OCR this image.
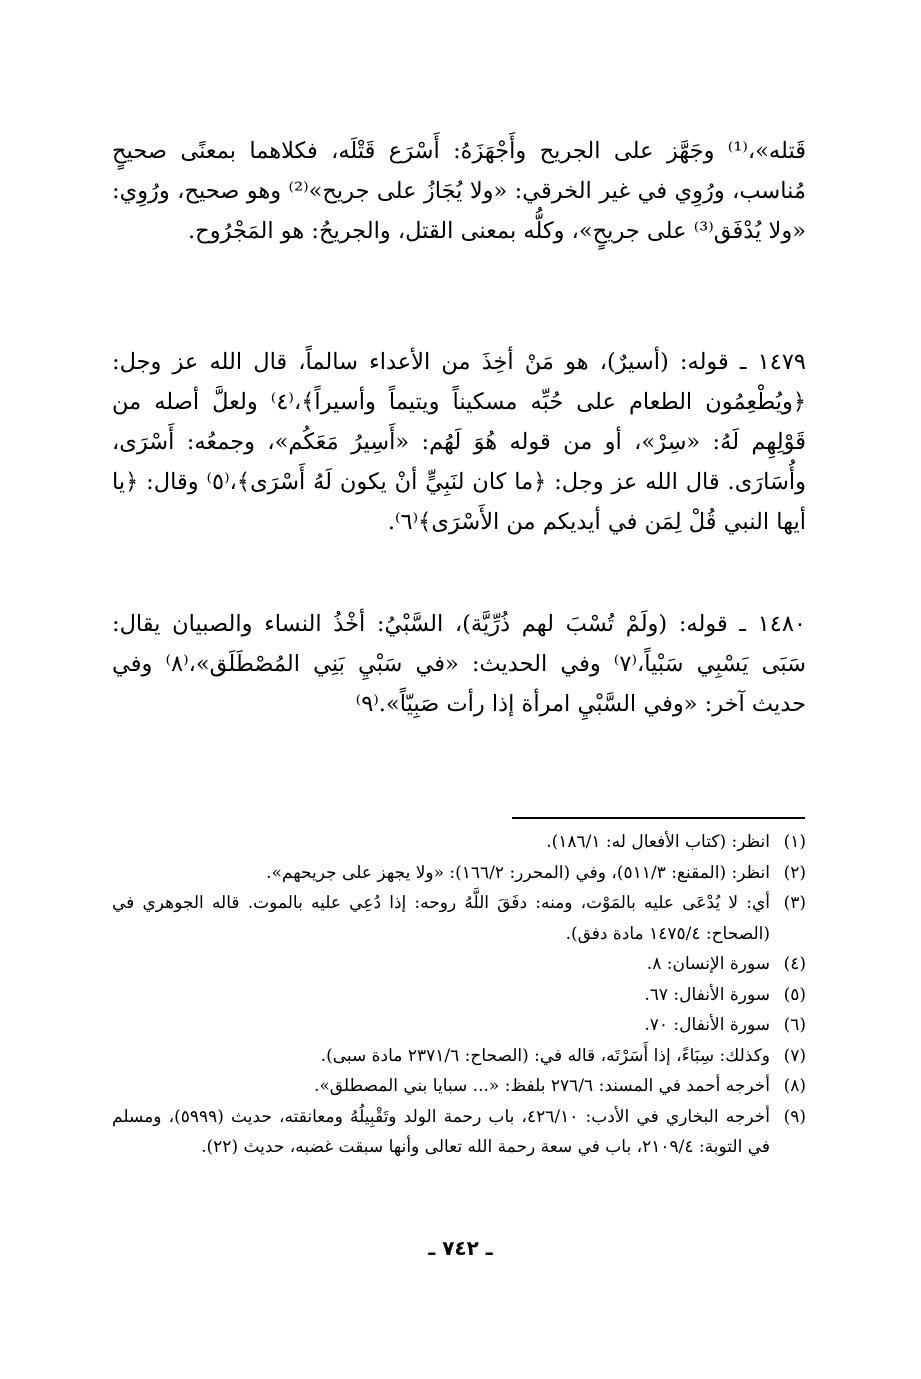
قَتله»،⁽¹⁾ وجَهَّز على الجريح وأَجْهَزَهُ: أَسْرَع قَتْلَه، فكلاهما بمعنًى صحيحٍ مُناسب، ورُوِي في غير الخرقي: «ولا يُجَازُ على جريح»⁽²⁾ وهو صحيح، ورُوِي: «ولا يُدْفَق⁽³⁾ على جريحٍ»، وكلُّه بمعنى القتل، والجريحُ: هو المَجْرُوح.

١٤٧٩ ـ قوله: (أسيرٌ)، هو مَنْ أخِذَ من الأعداء سالماً، قال الله عز وجل: ﴿ويُطْعِمُون الطعام على حُبِّه مسكيناً ويتيماً وأسيراً﴾،⁽٤⁾ ولعلَّ أصله من قَوْلِهِم لَهُ: «سِرْ»، أو من قوله هُوَ لَهُم: «أَسِيرُ مَعَكُم»، وجمعُه: أَسْرَى، وأُسَارَى. قال الله عز وجل: ﴿ما كان لنَبِيٍّ أنْ يكون لَهُ أَسْرَى﴾،⁽٥⁾ وقال: ﴿يا أيها النبي قُلْ لِمَن في أيديكم من الأَسْرَى﴾⁽٦⁾.

١٤٨٠ ـ قوله: (ولَمْ تُسْبَ لهم ذُرِّيَّة)، السَّبْيُ: أخْذُ النساء والصبيان يقال: سَبَى يَسْبِي سَبْياً،⁽٧⁾ وفي الحديث: «في سَبْيِ بَنِي المُصْطَلَق»،⁽٨⁾ وفي حديث آخر: «وفي السَّبْيِ امرأة إذا رأت صَبِيّاً».⁽٩⁾

(١)
انظر: (كتاب الأفعال له: ١٨٦/١).
(٢)
انظر: (المقنع: ٥١١/٣)، وفي (المحرر: ١٦٦/٢): «ولا يجهز على جريحهم».
(٣)
أي: لا يُدْعَى عليه بالمَوْت، ومنه: دفَقَ اللَّهُ روحه: إذا دُعِي عليه بالموت. قاله الجوهري في (الصحاح: ١٤٧٥/٤ مادة دفق).
(٤)
سورة الإنسان: ٨.
(٥)
سورة الأنفال: ٦٧.
(٦)
سورة الأنفال: ٧٠.
(٧)
وكذلك: سِبَاءً، إذا أَسَرْتَه، قاله في: (الصحاح: ٢٣٧١/٦ مادة سبى).
(٨)
أخرجه أحمد في المسند: ٢٧٦/٦ بلفظ: «... سبايا بني المصطلق».
(٩)
أخرجه البخاري في الأدب: ٤٢٦/١٠، باب رحمة الولد وتَقْبِيلُهُ ومعانقته، حديث (٥٩٩٩)، ومسلم في التوبة: ٢١٠٩/٤، باب في سعة رحمة الله تعالى وأنها سبقت غضبه، حديث (٢٢).
ـ ٧٤٢ ـ
